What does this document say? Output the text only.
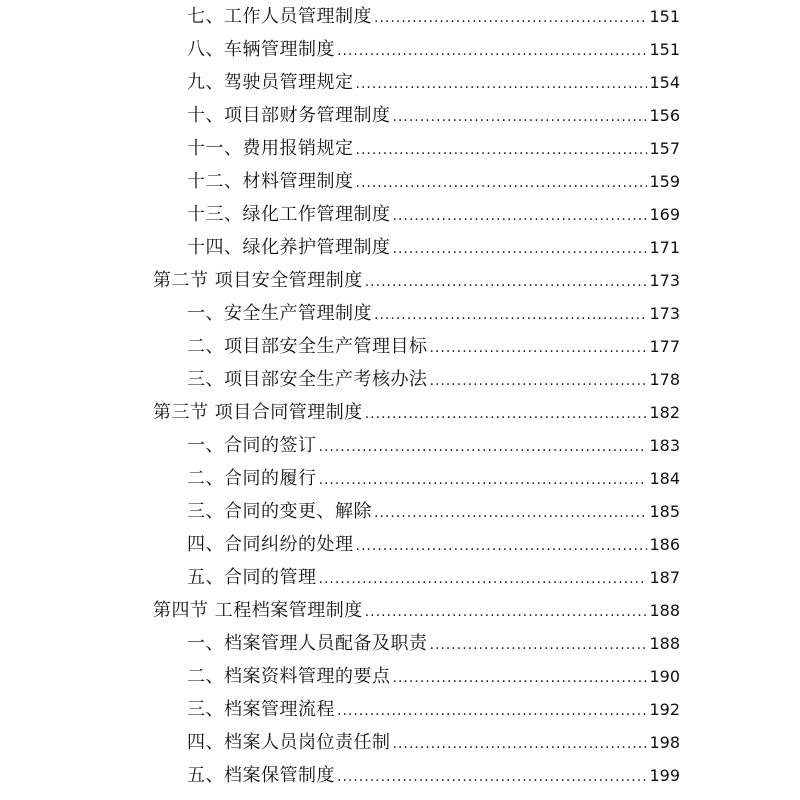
七、工作人员管理制度 .....	151
八、车辆管理制度 .....	151
九、驾驶员管理规定 .....	154
十、项目部财务管理制度 .....	156
十一、费用报销规定 .....	157
十二、材料管理制度 .....	159
十三、绿化工作管理制度 .....	169
十四、绿化养护管理制度 .....	171
第二节 项目安全管理制度 .....	173
一、安全生产管理制度 .....	173
二、项目部安全生产管理目标 .....	177
三、项目部安全生产考核办法 .....	178
第三节 项目合同管理制度 .....	182
一、合同的签订 .....	183
二、合同的履行 .....	184
三、合同的变更、解除 .....	185
四、合同纠纷的处理 .....	186
五、合同的管理 .....	187
第四节 工程档案管理制度 .....	188
一、档案管理人员配备及职责 .....	188
二、档案资料管理的要点 .....	190
三、档案管理流程 .....	192
四、档案人员岗位责任制 .....	198
五、档案保管制度 .....	199
